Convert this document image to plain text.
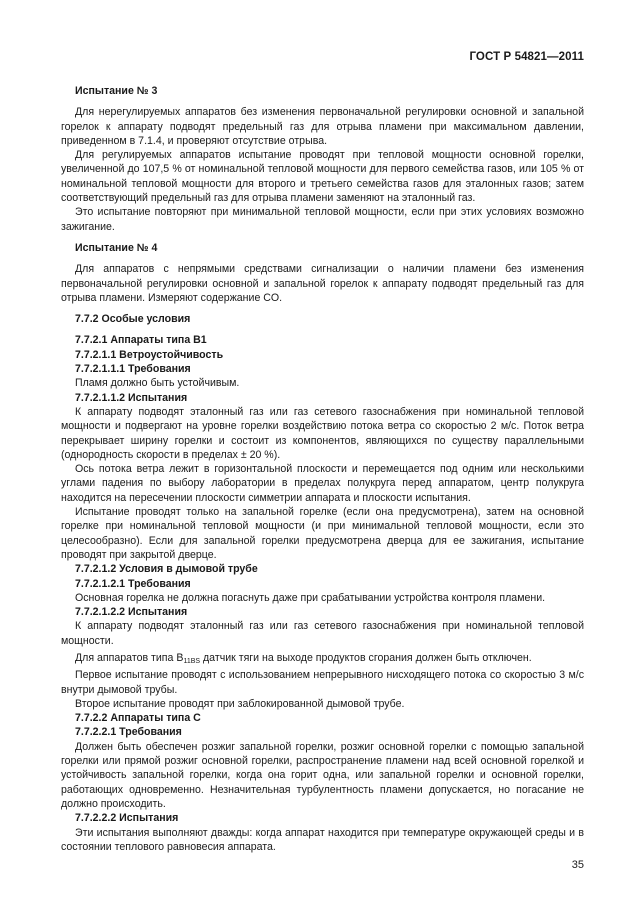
ГОСТ Р 54821—2011

Испытание № 3

Для нерегулируемых аппаратов без изменения первоначальной регулировки основной и запальной горелок к аппарату подводят предельный газ для отрыва пламени при максимальном давлении, приведенном в 7.1.4, и проверяют отсутствие отрыва.

Для регулируемых аппаратов испытание проводят при тепловой мощности основной горелки, увеличенной до 107,5 % от номинальной тепловой мощности для первого семейства газов, или 105 % от номинальной тепловой мощности для второго и третьего семейства газов для эталонных газов; затем соответствующий предельный газ для отрыва пламени заменяют на эталонный газ.

Это испытание повторяют при минимальной тепловой мощности, если при этих условиях возможно зажигание.

Испытание № 4

Для аппаратов с непрямыми средствами сигнализации о наличии пламени без изменения первоначальной регулировки основной и запальной горелок к аппарату подводят предельный газ для отрыва пламени. Измеряют содержание CO.

7.7.2 Особые условия

7.7.2.1 Аппараты типа B1

7.7.2.1.1 Ветроустойчивость

7.7.2.1.1.1 Требования

Пламя должно быть устойчивым.

7.7.2.1.1.2 Испытания

К аппарату подводят эталонный газ или газ сетевого газоснабжения при номинальной тепловой мощности и подвергают на уровне горелки воздействию потока ветра со скоростью 2 м/с. Поток ветра перекрывает ширину горелки и состоит из компонентов, являющихся по существу параллельными (однородность скорости в пределах ± 20 %).

Ось потока ветра лежит в горизонтальной плоскости и перемещается под одним или несколькими углами падения по выбору лаборатории в пределах полукруга перед аппаратом, центр полукруга находится на пересечении плоскости симметрии аппарата и плоскости испытания.

Испытание проводят только на запальной горелке (если она предусмотрена), затем на основной горелке при номинальной тепловой мощности (и при минимальной тепловой мощности, если это целесообразно). Если для запальной горелки предусмотрена дверца для ее зажигания, испытание проводят при закрытой дверце.

7.7.2.1.2 Условия в дымовой трубе

7.7.2.1.2.1 Требования

Основная горелка не должна погаснуть даже при срабатывании устройства контроля пламени.

7.7.2.1.2.2 Испытания

К аппарату подводят эталонный газ или газ сетевого газоснабжения при номинальной тепловой мощности.

Для аппаратов типа $B_{11BS}$ датчик тяги на выходе продуктов сгорания должен быть отключен.

Первое испытание проводят с использованием непрерывного нисходящего потока со скоростью 3 м/с внутри дымовой трубы.

Второе испытание проводят при заблокированной дымовой трубе.

7.7.2.2 Аппараты типа C

7.7.2.2.1 Требования

Должен быть обеспечен розжиг запальной горелки, розжиг основной горелки с помощью запальной горелки или прямой розжиг основной горелки, распространение пламени над всей основной горелкой и устойчивость запальной горелки, когда она горит одна, или запальной горелки и основной горелки, работающих одновременно. Незначительная турбулентность пламени допускается, но погасание не должно происходить.

7.7.2.2.2 Испытания

Эти испытания выполняют дважды: когда аппарат находится при температуре окружающей среды и в состоянии теплового равновесия аппарата.

35
